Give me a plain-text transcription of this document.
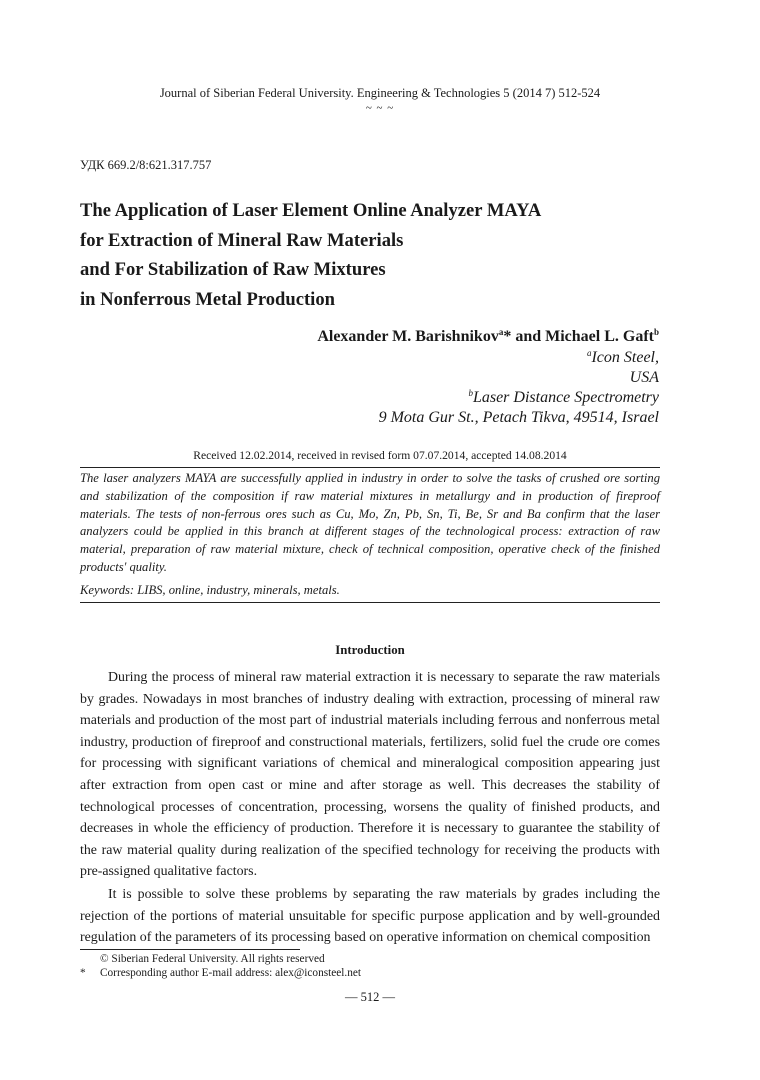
Journal of Siberian Federal University. Engineering & Technologies 5 (2014 7) 512-524
~ ~ ~
УДК 669.2/8:621.317.757
The Application of Laser Element Online Analyzer MAYA
for Extraction of Mineral Raw Materials
and For Stabilization of Raw Mixtures
in Nonferrous Metal Production
Alexander M. Barishnikov$^a$* and Michael L. Gaft$^b$
$^a$Icon Steel,
USA
$^b$Laser Distance Spectrometry
9 Mota Gur St., Petach Tikva, 49514, Israel
Received 12.02.2014, received in revised form 07.07.2014, accepted 14.08.2014
The laser analyzers MAYA are successfully applied in industry in order to solve the tasks of crushed ore sorting and stabilization of the composition if raw material mixtures in metallurgy and in production of fireproof materials. The tests of non-ferrous ores such as Cu, Mo, Zn, Pb, Sn, Ti, Be, Sr and Ba confirm that the laser analyzers could be applied in this branch at different stages of the technological process: extraction of raw material, preparation of raw material mixture, check of technical composition, operative check of the finished products' quality.
Keywords: LIBS, online, industry, minerals, metals.
Introduction

During the process of mineral raw material extraction it is necessary to separate the raw materials by grades. Nowadays in most branches of industry dealing with extraction, processing of mineral raw materials and production of the most part of industrial materials including ferrous and nonferrous metal industry, production of fireproof and constructional materials, fertilizers, solid fuel the crude ore comes for processing with significant variations of chemical and mineralogical composition appearing just after extraction from open cast or mine and after storage as well. This decreases the stability of technological processes of concentration, processing, worsens the quality of finished products, and decreases in whole the efficiency of production. Therefore it is necessary to guarantee the stability of the raw material quality during realization of the specified technology for receiving the products with pre-assigned qualitative factors.

It is possible to solve these problems by separating the raw materials by grades including the rejection of the portions of material unsuitable for specific purpose application and by well-grounded regulation of the parameters of its processing based on operative information on chemical composition

© Siberian Federal University. All rights reserved
* Corresponding author E-mail address: alex@iconsteel.net
— 512 —
